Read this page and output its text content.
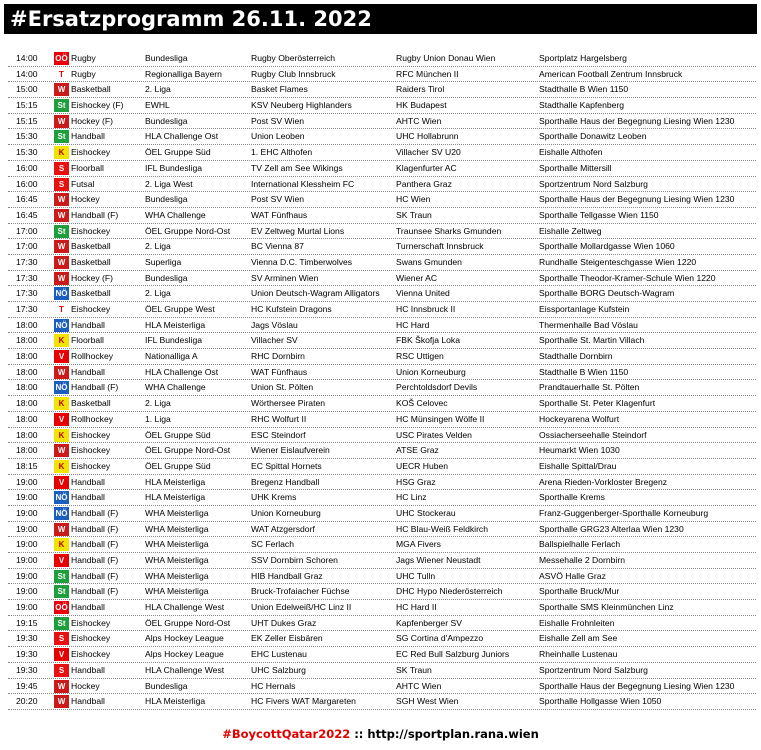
#Ersatzprogramm 26.11. 2022
14:00	OÖ Rugby	Bundesliga	Rugby Oberösterreich	Rugby Union Donau Wien	Sportplatz Hargelsberg
14:00	T Rugby	Regionalliga Bayern	Rugby Club Innsbruck	RFC München II	American Football Zentrum Innsbruck
15:00	W Basketball	2. Liga	Basket Flames	Raiders Tirol	Stadthalle B Wien 1150
15:15	St Eishockey (F)	EWHL	KSV Neuberg Highlanders	HK Budapest	Stadthalle Kapfenberg
15:15	W Hockey (F)	Bundesliga	Post SV Wien	AHTC Wien	Sporthalle Haus der Begegnung Liesing Wien 1230
15:30	St Handball	HLA Challenge Ost	Union Leoben	UHC Hollabrunn	Sporthalle Donawitz Leoben
15:30	K Eishockey	ÖEL Gruppe Süd	1. EHC Althofen	Villacher SV U20	Eishalle Althofen
16:00	S Floorball	IFL Bundesliga	TV Zell am See Wikings	Klagenfurter AC	Sporthalle Mittersill
16:00	S Futsal	2. Liga West	International Klessheim FC	Panthera Graz	Sportzentrum Nord Salzburg
16:45	W Hockey	Bundesliga	Post SV Wien	HC Wien	Sporthalle Haus der Begegnung Liesing Wien 1230
16:45	W Handball (F)	WHA Challenge	WAT Fünfhaus	SK Traun	Sporthalle Tellgasse Wien 1150
17:00	St Eishockey	ÖEL Gruppe Nord-Ost	EV Zeltweg Murtal Lions	Traunsee Sharks Gmunden	Eishalle Zeltweg
17:00	W Basketball	2. Liga	BC Vienna 87	Turnerschaft Innsbruck	Sporthalle Mollardgasse Wien 1060
17:30	W Basketball	Superliga	Vienna D.C. Timberwolves	Swans Gmunden	Rundhalle Steigenteschgasse Wien 1220
17:30	W Hockey (F)	Bundesliga	SV Arminen Wien	Wiener AC	Sporthalle Theodor-Kramer-Schule Wien 1220
17:30	NÖ Basketball	2. Liga	Union Deutsch-Wagram Alligators	Vienna United	Sporthalle BORG Deutsch-Wagram
17:30	T Eishockey	ÖEL Gruppe West	HC Kufstein Dragons	HC Innsbruck II	Eissportanlage Kufstein
18:00	NÖ Handball	HLA Meisterliga	Jags Vöslau	HC Hard	Thermenhalle Bad Vöslau
18:00	K Floorball	IFL Bundesliga	Villacher SV	FBK Škofja Loka	Sporthalle St. Martin Villach
18:00	V Rollhockey	Nationalliga A	RHC Dornbirn	RSC Uttigen	Stadthalle Dornbirn
18:00	W Handball	HLA Challenge Ost	WAT Fünfhaus	Union Korneuburg	Stadthalle B Wien 1150
18:00	NÖ Handball (F)	WHA Challenge	Union St. Pölten	Perchtoldsdorf Devils	Prandtauerhalle St. Pölten
18:00	K Basketball	2. Liga	Wörthersee Piraten	KOŠ Celovec	Sporthalle St. Peter Klagenfurt
18:00	V Rollhockey	1. Liga	RHC Wolfurt II	HC Münsingen Wölfe II	Hockeyarena Wolfurt
18:00	K Eishockey	ÖEL Gruppe Süd	ESC Steindorf	USC Pirates Velden	Ossiacherseehalle Steindorf
18:00	W Eishockey	ÖEL Gruppe Nord-Ost	Wiener Eislaufverein	ATSE Graz	Heumarkt Wien 1030
18:15	K Eishockey	ÖEL Gruppe Süd	EC Spittal Hornets	UECR Huben	Eishalle Spittal/Drau
19:00	V Handball	HLA Meisterliga	Bregenz Handball	HSG Graz	Arena Rieden-Vorkloster Bregenz
19:00	NÖ Handball	HLA Meisterliga	UHK Krems	HC Linz	Sporthalle Krems
19:00	NÖ Handball (F)	WHA Meisterliga	Union Korneuburg	UHC Stockerau	Franz-Guggenberger-Sporthalle Korneuburg
19:00	W Handball (F)	WHA Meisterliga	WAT Atzgersdorf	HC Blau-Weiß Feldkirch	Sporthalle GRG23 Alterlaa Wien 1230
19:00	K Handball (F)	WHA Meisterliga	SC Ferlach	MGA Fivers	Ballspielhalle Ferlach
19:00	V Handball (F)	WHA Meisterliga	SSV Dornbirn Schoren	Jags Wiener Neustadt	Messehalle 2 Dornbirn
19:00	St Handball (F)	WHA Meisterliga	HIB Handball Graz	UHC Tulln	ASVÖ Halle Graz
19:00	St Handball (F)	WHA Meisterliga	Bruck-Trofaiacher Füchse	DHC Hypo Niederösterreich	Sporthalle Bruck/Mur
19:00	OÖ Handball	HLA Challenge West	Union Edelweiß/HC Linz II	HC Hard II	Sporthalle SMS Kleinmünchen Linz
19:15	St Eishockey	ÖEL Gruppe Nord-Ost	UHT Dukes Graz	Kapfenberger SV	Eishalle Frohnleiten
19:30	S Eishockey	Alps Hockey League	EK Zeller Eisbären	SG Cortina d'Ampezzo	Eishalle Zell am See
19:30	V Eishockey	Alps Hockey League	EHC Lustenau	EC Red Bull Salzburg Juniors	Rheinhalle Lustenau
19:30	S Handball	HLA Challenge West	UHC Salzburg	SK Traun	Sportzentrum Nord Salzburg
19:45	W Hockey	Bundesliga	HC Hernals	AHTC Wien	Sporthalle Haus der Begegnung Liesing Wien 1230
20:20	W Handball	HLA Meisterliga	HC Fivers WAT Margareten	SGH West Wien	Sporthalle Hollgasse Wien 1050
#BoycottQatar2022 :: http://sportplan.rana.wien
